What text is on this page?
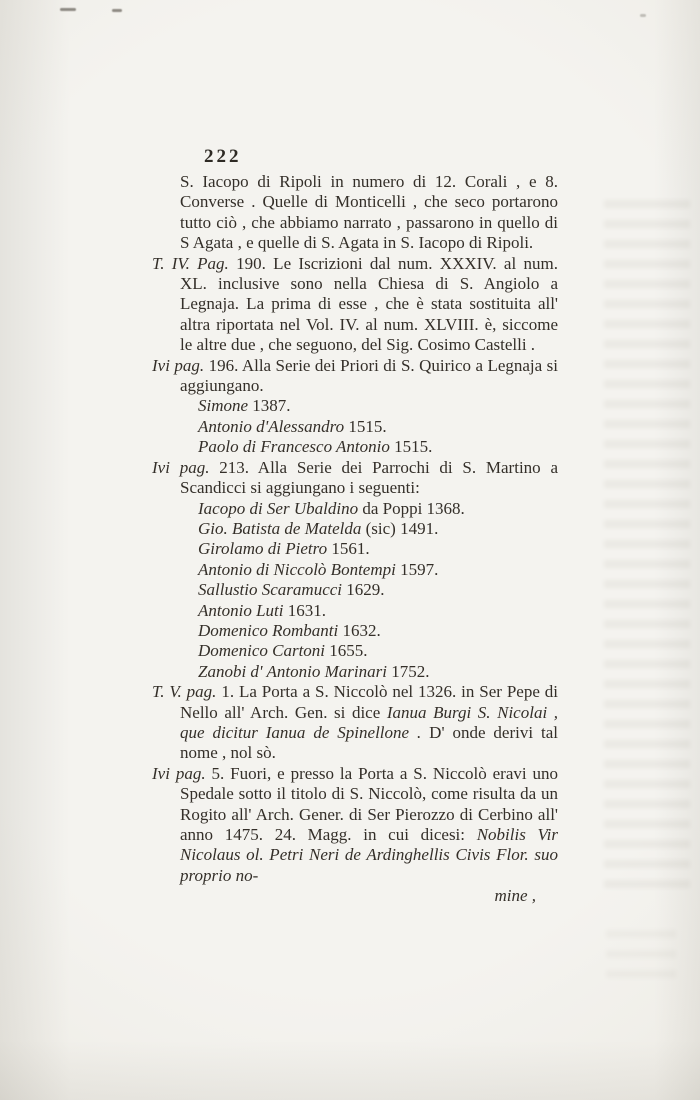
222

S. Iacopo di Ripoli in numero di 12. Corali , e 8. Converse . Quelle di Monticelli , che seco portarono tutto ciò , che abbiamo narrato , passarono in quello di S Agata , e quelle di S. Agata in S. Iacopo di Ripoli.

T. IV. Pag. 190. Le Iscrizioni dal num. XXXIV. al num. XL. inclusive sono nella Chiesa di S. Angiolo a Legnaja. La prima di esse , che è stata sostituita all' altra riportata nel Vol. IV. al num. XLVIII. è, siccome le altre due , che seguono, del Sig. Cosimo Castelli .

Ivi pag. 196. Alla Serie dei Priori di S. Quirico a Legnaja si aggiungano.

Simone 1387.

Antonio d'Alessandro 1515.

Paolo di Francesco Antonio 1515.

Ivi pag. 213. Alla Serie dei Parrochi di S. Martino a Scandicci si aggiungano i seguenti:

Iacopo di Ser Ubaldino da Poppi 1368.

Gio. Batista de Matelda (sic) 1491.

Girolamo di Pietro 1561.

Antonio di Niccolò Bontempi 1597.

Sallustio Scaramucci 1629.

Antonio Luti 1631.

Domenico Rombanti 1632.

Domenico Cartoni 1655.

Zanobi d' Antonio Marinari 1752.

T. V. pag. 1. La Porta a S. Niccolò nel 1326. in Ser Pepe di Nello all' Arch. Gen. si dice Ianua Burgi S. Nicolai , que dicitur Ianua de Spinellone . D' onde derivi tal nome , nol sò.

Ivi pag. 5. Fuori, e presso la Porta a S. Niccolò eravi uno Spedale sotto il titolo di S. Niccolò, come risulta da un Rogito all' Arch. Gener. di Ser Pierozzo di Cerbino all' anno 1475. 24. Magg. in cui dicesi: Nobilis Vir Nicolaus ol. Petri Neri de Ardinghellis Civis Flor. suo proprio no-

mine ,
